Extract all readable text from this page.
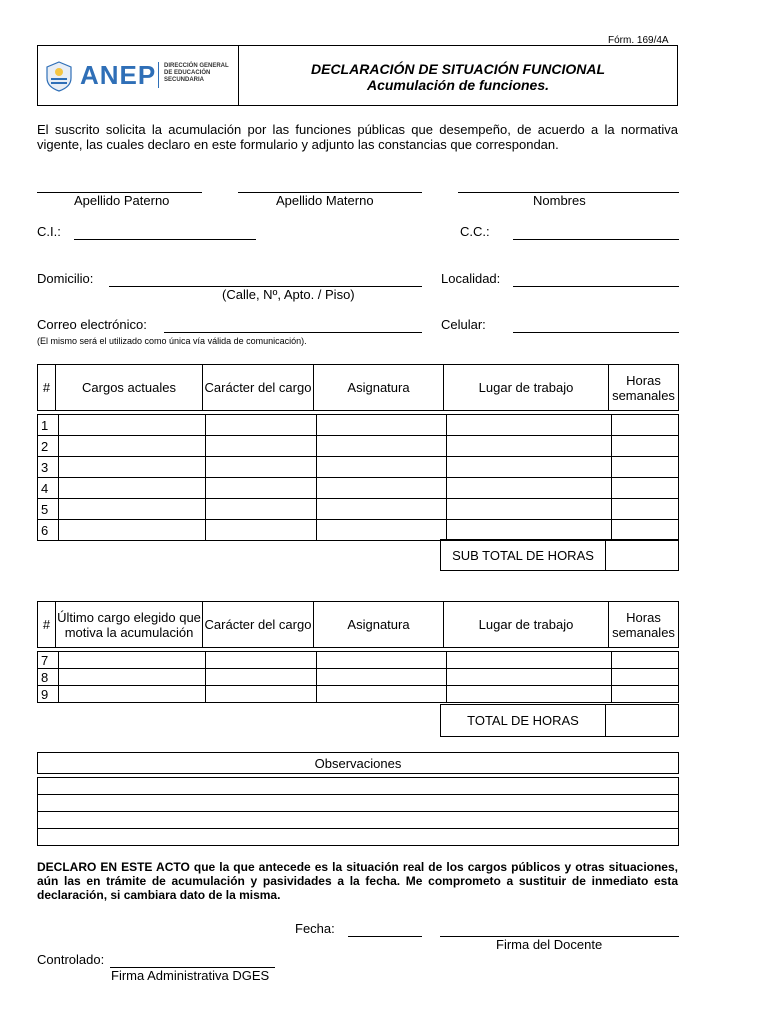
Fórm. 169/4A
ANEP DIRECCIÓN GENERAL
DE EDUCACIÓN
SECUNDARIA
DECLARACIÓN DE SITUACIÓN FUNCIONAL
Acumulación de funciones.
El suscrito solicita la acumulación por las funciones públicas que desempeño, de acuerdo a la normativa vigente, las cuales declaro en este formulario y adjunto las constancias que correspondan.
Apellido Paterno	Apellido Materno	Nombres
C.I.:	C.C.:
Domicilio:
(Calle, Nº, Apto. / Piso)
Localidad:
Correo electrónico:
(El mismo será el utilizado como única vía válida de comunicación).
Celular:
#	Cargos actuales	Carácter del cargo	Asignatura	Lugar de trabajo	Horas semanales
1					
2					
3					
4					
5					
6					
SUB TOTAL DE HORAS	
#	Último cargo elegido que motiva la acumulación	Carácter del cargo	Asignatura	Lugar de trabajo	Horas semanales
7					
8					
9					
TOTAL DE HORAS	
Observaciones

DECLARO EN ESTE ACTO que la que antecede es la situación real de los cargos públicos y otras situaciones, aún las en trámite de acumulación y pasividades a la fecha. Me comprometo a sustituir de inmediato esta declaración, si cambiara dato de la misma.
Fecha:
Firma del Docente
Controlado:
Firma Administrativa DGES
